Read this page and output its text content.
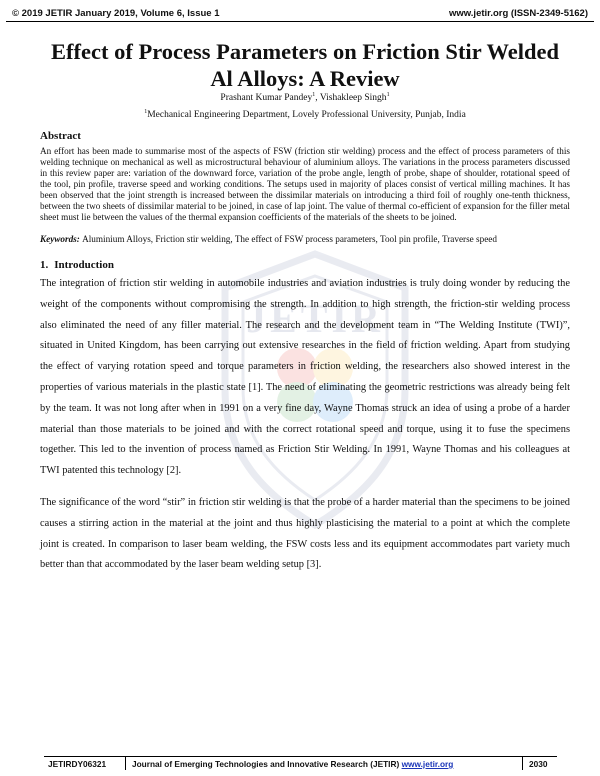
© 2019 JETIR January 2019, Volume 6, Issue 1	www.jetir.org (ISSN-2349-5162)
JETIR
Effect of Process Parameters on Friction Stir Welded Al Alloys: A Review
Prashant Kumar Pandey$^1$, Vishakleep Singh$^1$
$^1$Mechanical Engineering Department, Lovely Professional University, Punjab, India
Abstract
An effort has been made to summarise most of the aspects of FSW (friction stir welding) process and the effect of process parameters of this welding technique on mechanical as well as microstructural behaviour of aluminium alloys. The variations in the process parameters discussed in this review paper are: variation of the downward force, variation of the probe angle, length of probe, shape of shoulder, rotational speed of the tool, pin profile, traverse speed and working conditions. The setups used in majority of places consist of vertical milling machines. It has been observed that the joint strength is increased between the dissimilar materials on introducing a third foil of roughly one-tenth thickness, between the two sheets of dissimilar material to be joined, in case of lap joint. The value of thermal co-efficient of expansion for the filler metal sheet must lie between the values of the thermal expansion coefficients of the materials of the sheets to be joined.
Keywords: Aluminium Alloys, Friction stir welding, The effect of FSW process parameters, Tool pin profile, Traverse speed
1. Introduction
The integration of friction stir welding in automobile industries and aviation industries is truly doing wonder by reducing the weight of the components without compromising the strength. In addition to high strength, the friction-stir welding process also eliminated the need of any filler material. The research and the development team in “The Welding Institute (TWI)”, situated in United Kingdom, has been carrying out extensive researches in the field of friction welding. Apart from studying the effect of varying rotation speed and torque parameters in friction welding, the researchers also showed interest in the properties of various materials in the plastic state [1]. The need of eliminating the geometric restrictions was already being felt by the team. It was not long after when in 1991 on a very fine day, Wayne Thomas struck an idea of using a probe of a harder material than those materials to be joined and with the correct rotational speed and torque, using it to fuse the specimens together. This led to the invention of process named as Friction Stir Welding. In 1991, Wayne Thomas and his colleagues at TWI patented this technology [2].
The significance of the word “stir” in friction stir welding is that the probe of a harder material than the specimens to be joined causes a stirring action in the material at the joint and thus highly plasticising the material to a point at which the complete joint is created. In comparison to laser beam welding, the FSW costs less and its equipment accommodates part variety much better than that accommodated by the laser beam welding setup [3].
JETIRDY06321	Journal of Emerging Technologies and Innovative Research (JETIR) www.jetir.org	2030
